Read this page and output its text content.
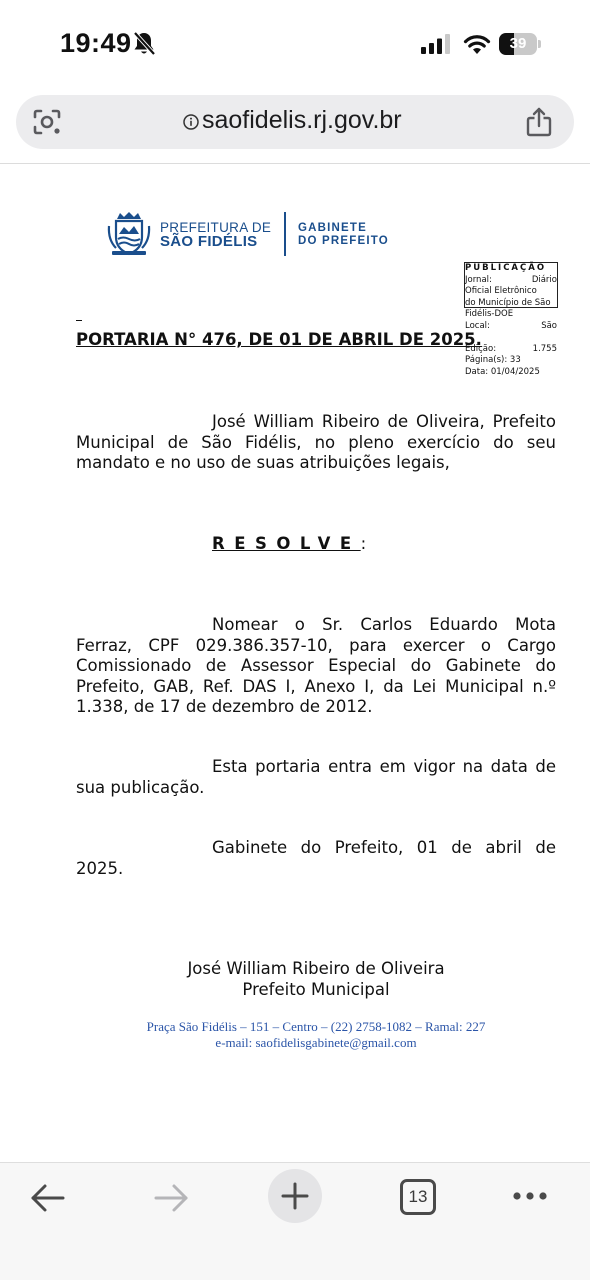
19:49	39
saofidelis.rj.gov.br
PREFEITURA DE
SÃO FIDÉLIS
GABINETE
DO PREFEITO
PUBLICAÇÃO
Jornal:	Diário
Oficial Eletrônico
do Município de São
Fidélis-DOE
Local:	São
Edição:	1.755
Página(s): 33
Data: 01/04/2025
PORTARIA N° 476, DE 01 DE ABRIL DE 2025.
José William Ribeiro de Oliveira, Prefeito Municipal de São Fidélis, no pleno exercício do seu mandato e no uso de suas atribuições legais,
RESOLVE:
Nomear o Sr. Carlos Eduardo Mota Ferraz, CPF 029.386.357-10, para exercer o Cargo Comissionado de Assessor Especial do Gabinete do Prefeito, GAB, Ref. DAS I, Anexo I, da Lei Municipal n.º 1.338, de 17 de dezembro de 2012.
Esta portaria entra em vigor na data de sua publicação.
Gabinete do Prefeito, 01 de abril de 2025.
José William Ribeiro de Oliveira
Prefeito Municipal
Praça São Fidélis – 151 – Centro – (22) 2758-1082 – Ramal: 227
e-mail: saofidelisgabinete@gmail.com
13
